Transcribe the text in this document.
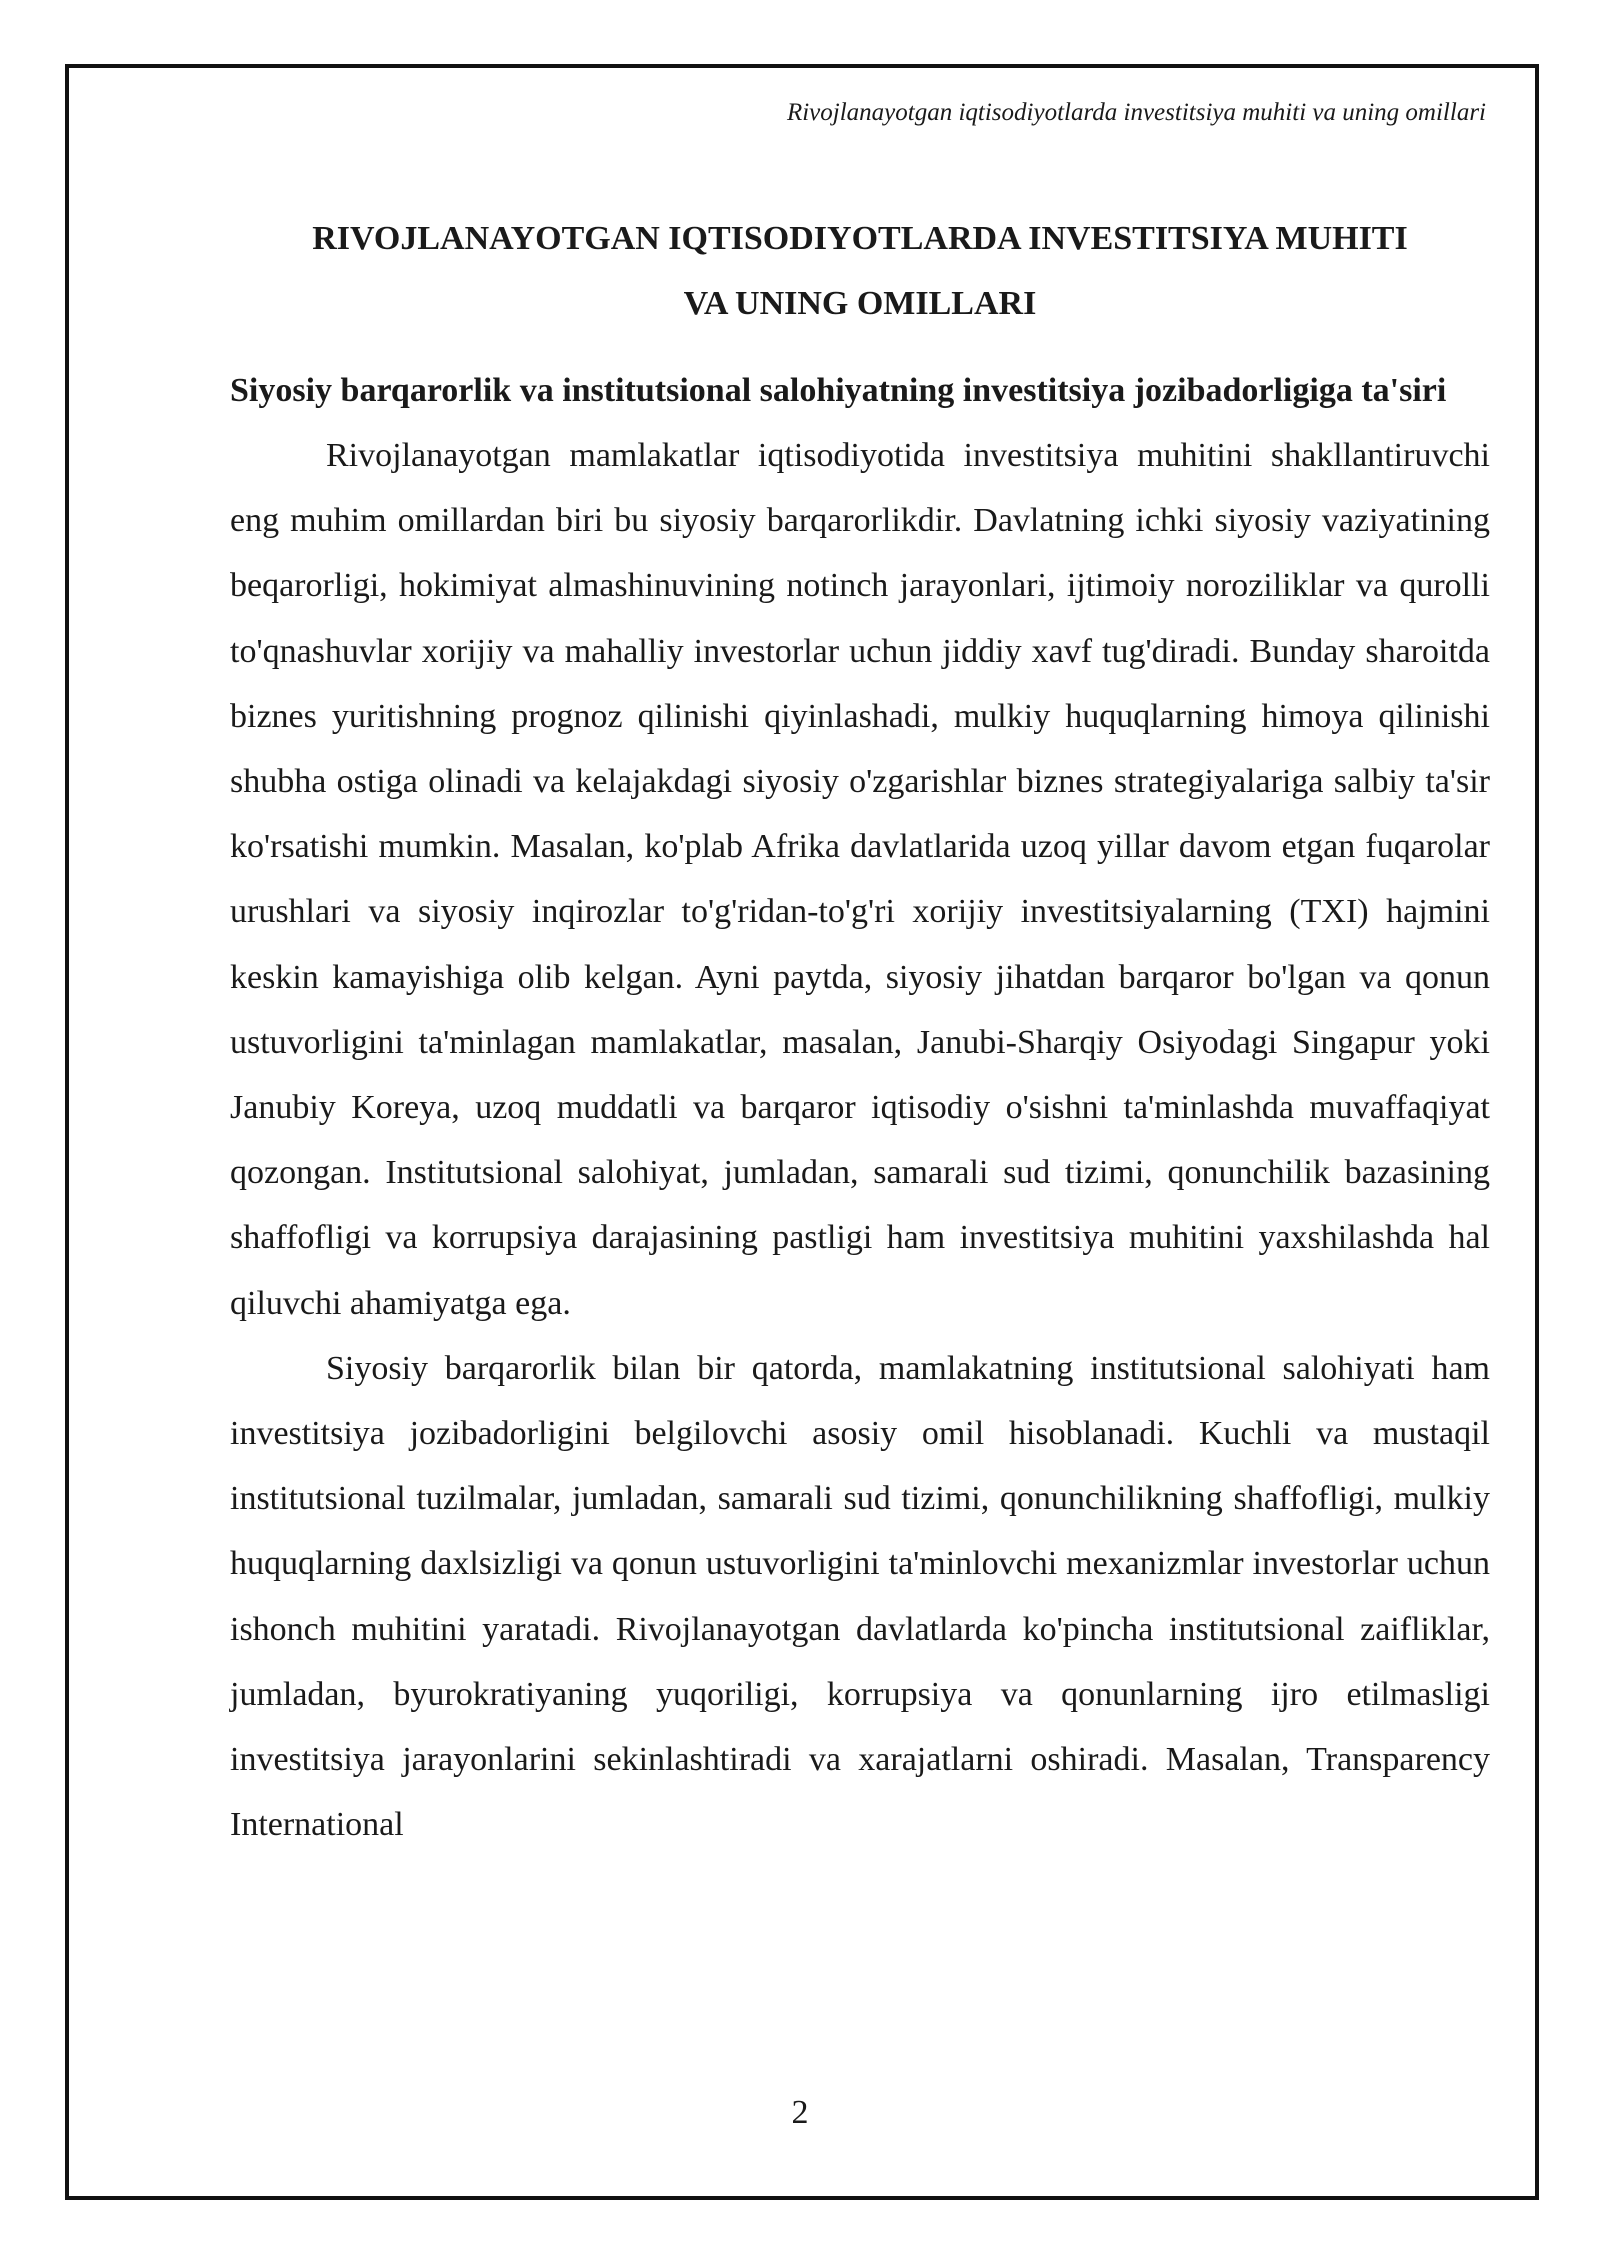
Rivojlanayotgan iqtisodiyotlarda investitsiya muhiti va uning omillari
RIVOJLANAYOTGAN IQTISODIYOTLARDA INVESTITSIYA MUHITI
VA UNING OMILLARI
Siyosiy barqarorlik va institutsional salohiyatning investitsiya jozibadorligiga ta'siri

Rivojlanayotgan mamlakatlar iqtisodiyotida investitsiya muhitini shakllantiruvchi eng muhim omillardan biri bu siyosiy barqarorlikdir. Davlatning ichki siyosiy vaziyatining beqarorligi, hokimiyat almashinuvining notinch jarayonlari, ijtimoiy noroziliklar va qurolli to'qnashuvlar xorijiy va mahalliy investorlar uchun jiddiy xavf tug'diradi. Bunday sharoitda biznes yuritishning prognoz qilinishi qiyinlashadi, mulkiy huquqlarning himoya qilinishi shubha ostiga olinadi va kelajakdagi siyosiy o'zgarishlar biznes strategiyalariga salbiy ta'sir ko'rsatishi mumkin. Masalan, ko'plab Afrika davlatlarida uzoq yillar davom etgan fuqarolar urushlari va siyosiy inqirozlar to'g'ridan-to'g'ri xorijiy investitsiyalarning (TXI) hajmini keskin kamayishiga olib kelgan. Ayni paytda, siyosiy jihatdan barqaror bo'lgan va qonun ustuvorligini ta'minlagan mamlakatlar, masalan, Janubi-Sharqiy Osiyodagi Singapur yoki Janubiy Koreya, uzoq muddatli va barqaror iqtisodiy o'sishni ta'minlashda muvaffaqiyat qozongan. Institutsional salohiyat, jumladan, samarali sud tizimi, qonunchilik bazasining shaffofligi va korrupsiya darajasining pastligi ham investitsiya muhitini yaxshilashda hal qiluvchi ahamiyatga ega.

Siyosiy barqarorlik bilan bir qatorda, mamlakatning institutsional salohiyati ham investitsiya jozibadorligini belgilovchi asosiy omil hisoblanadi. Kuchli va mustaqil institutsional tuzilmalar, jumladan, samarali sud tizimi, qonunchilikning shaffofligi, mulkiy huquqlarning daxlsizligi va qonun ustuvorligini ta'minlovchi mexanizmlar investorlar uchun ishonch muhitini yaratadi. Rivojlanayotgan davlatlarda ko'pincha institutsional zaifliklar, jumladan, byurokratiyaning yuqoriligi, korrupsiya va qonunlarning ijro etilmasligi investitsiya jarayonlarini sekinlashtiradi va xarajatlarni oshiradi. Masalan, Transparency International

2
